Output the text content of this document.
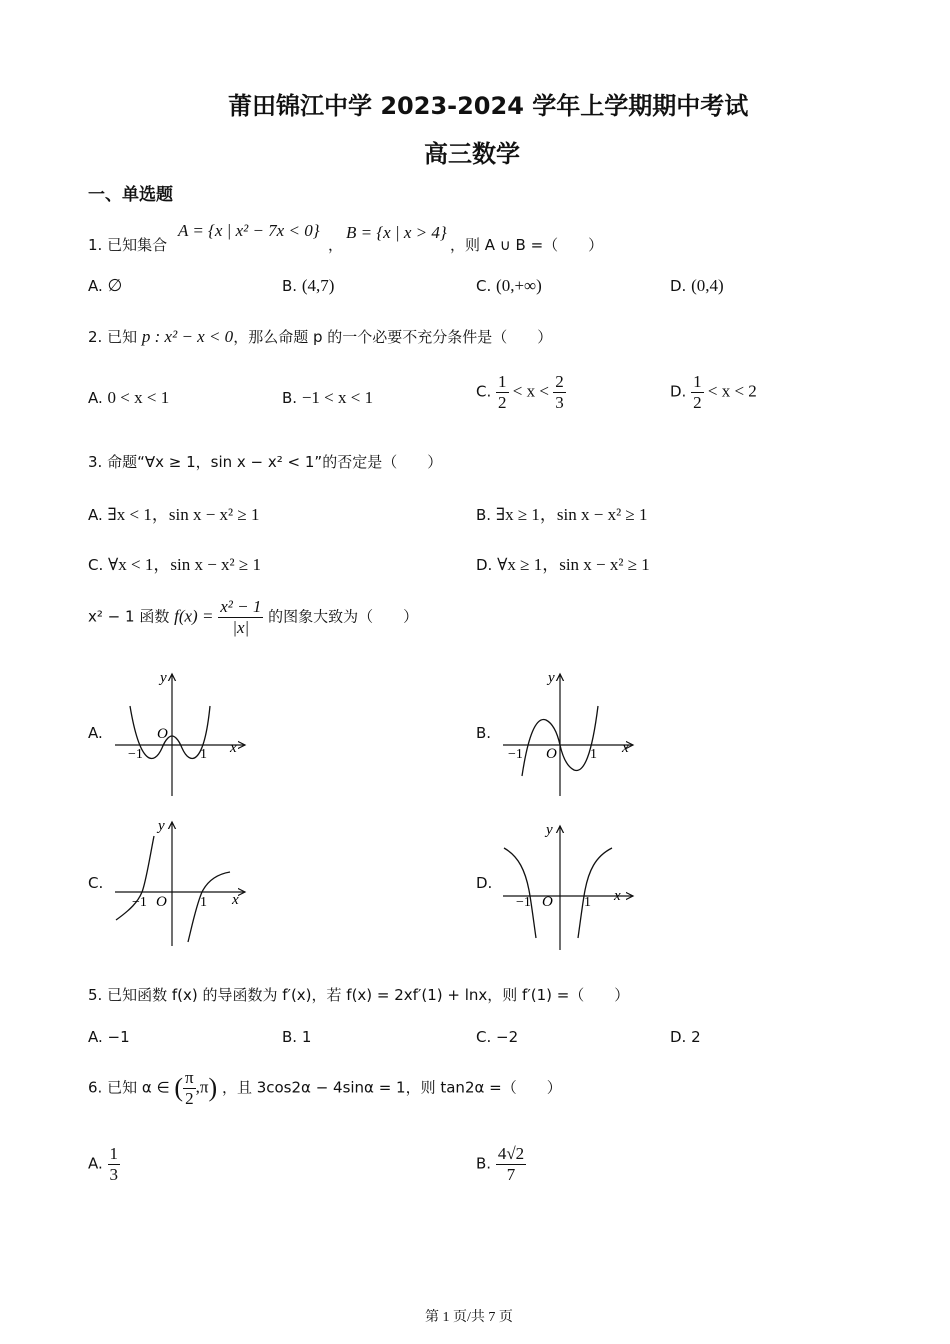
莆田锦江中学 2023-2024 学年上学期期中考试
高三数学
一、单选题
1. 已知集合
A = {x | x² − 7x < 0}
，
B = {x | x > 4}
，则 A ∪ B =（　　）
A. ∅	B. (4,7)	C. (0,+∞)	D. (0,4)
2. 已知 p : x² − x < 0，那么命题 p 的一个必要不充分条件是（　　）
A. 0 < x < 1	B. −1 < x < 1	C. $\frac{1}{2} < x < \frac{2}{3}$	D. $\frac{1}{2} < x < 2$
3. 命题“∀x ≥ 1，sin x − x² < 1”的否定是（　　）
A. ∃x < 1，sin x − x² ≥ 1	B. ∃x ≥ 1，sin x − x² ≥ 1
C. ∀x < 1，sin x − x² ≥ 1	D. ∀x ≥ 1，sin x − x² ≥ 1
x² − 1 函数 $f(x) = \frac{\text{x² − 1}}{|x|}$ 的图象大致为（　　）
A.	B.
C.	D.
y
x
O
−1	1
y
x
O
−1	1
y
x
O
−1	1
y
x
O
−1	1
5. 已知函数 f(x) 的导函数为 f′(x)，若 f(x) = 2xf′(1) + lnx，则 f′(1) =（　　）
A. −1	B. 1	C. −2	D. 2
6. 已知 α ∈ ( $\frac{\pi}{2} ,\pi$) ，且 3cos2α − 4sinα = 1，则 tan2α =（　　）
A. $\frac{1}{3}$	B. $\frac{4√2}{7}$
第 1 页/共 7 页
